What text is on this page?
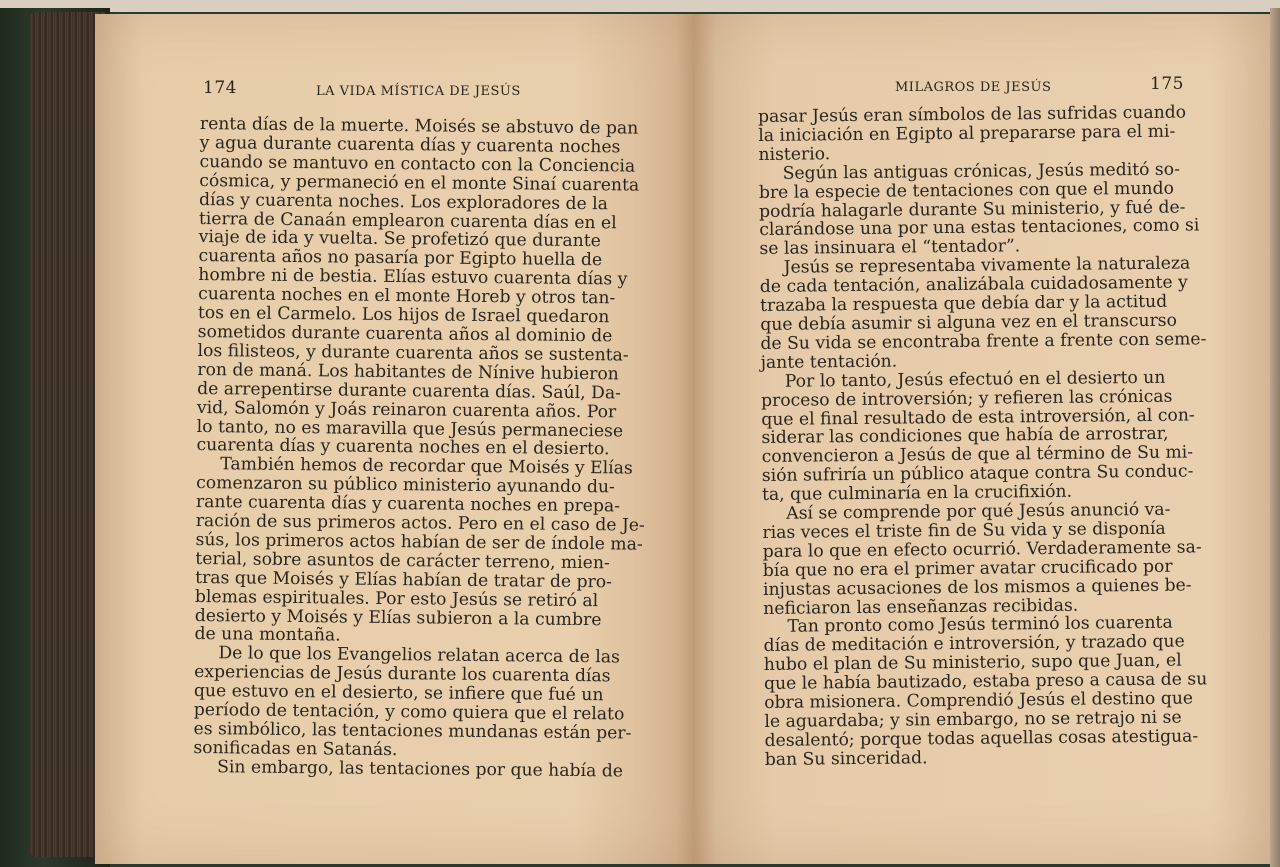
174	LA VIDA MÍSTICA DE JESÚS	MILAGROS DE JESÚS	175
renta días de la muerte. Moisés se abstuvo de pan
y agua durante cuarenta días y cuarenta noches
cuando se mantuvo en contacto con la Conciencia
cósmica, y permaneció en el monte Sinaí cuarenta
días y cuarenta noches. Los exploradores de la
tierra de Canaán emplearon cuarenta días en el
viaje de ida y vuelta. Se profetizó que durante
cuarenta años no pasaría por Egipto huella de
hombre ni de bestia. Elías estuvo cuarenta días y
cuarenta noches en el monte Horeb y otros tan-
tos en el Carmelo. Los hijos de Israel quedaron
sometidos durante cuarenta años al dominio de
los filisteos, y durante cuarenta años se sustenta-
ron de maná. Los habitantes de Nínive hubieron
de arrepentirse durante cuarenta días. Saúl, Da-
vid, Salomón y Joás reinaron cuarenta años. Por
lo tanto, no es maravilla que Jesús permaneciese
cuarenta días y cuarenta noches en el desierto.
También hemos de recordar que Moisés y Elías
comenzaron su público ministerio ayunando du-
rante cuarenta días y cuarenta noches en prepa-
ración de sus primeros actos. Pero en el caso de Je-
sús, los primeros actos habían de ser de índole ma-
terial, sobre asuntos de carácter terreno, mien-
tras que Moisés y Elías habían de tratar de pro-
blemas espirituales. Por esto Jesús se retiró al
desierto y Moisés y Elías subieron a la cumbre
de una montaña.
De lo que los Evangelios relatan acerca de las
experiencias de Jesús durante los cuarenta días
que estuvo en el desierto, se infiere que fué un
período de tentación, y como quiera que el relato
es simbólico, las tentaciones mundanas están per-
sonificadas en Satanás.
Sin embargo, las tentaciones por que había de
pasar Jesús eran símbolos de las sufridas cuando
la iniciación en Egipto al prepararse para el mi-
nisterio.
Según las antiguas crónicas, Jesús meditó so-
bre la especie de tentaciones con que el mundo
podría halagarle durante Su ministerio, y fué de-
clarándose una por una estas tentaciones, como si
se las insinuara el “tentador”.
Jesús se representaba vivamente la naturaleza
de cada tentación, analizábala cuidadosamente y
trazaba la respuesta que debía dar y la actitud
que debía asumir si alguna vez en el transcurso
de Su vida se encontraba frente a frente con seme-
jante tentación.
Por lo tanto, Jesús efectuó en el desierto un
proceso de introversión; y refieren las crónicas
que el final resultado de esta introversión, al con-
siderar las condiciones que había de arrostrar,
convencieron a Jesús de que al término de Su mi-
sión sufriría un público ataque contra Su conduc-
ta, que culminaría en la crucifixión.
Así se comprende por qué Jesús anunció va-
rias veces el triste fin de Su vida y se disponía
para lo que en efecto ocurrió. Verdaderamente sa-
bía que no era el primer avatar crucificado por
injustas acusaciones de los mismos a quienes be-
neficiaron las enseñanzas recibidas.
Tan pronto como Jesús terminó los cuarenta
días de meditación e introversión, y trazado que
hubo el plan de Su ministerio, supo que Juan, el
que le había bautizado, estaba preso a causa de su
obra misionera. Comprendió Jesús el destino que
le aguardaba; y sin embargo, no se retrajo ni se
desalentó; porque todas aquellas cosas atestigua-
ban Su sinceridad.
